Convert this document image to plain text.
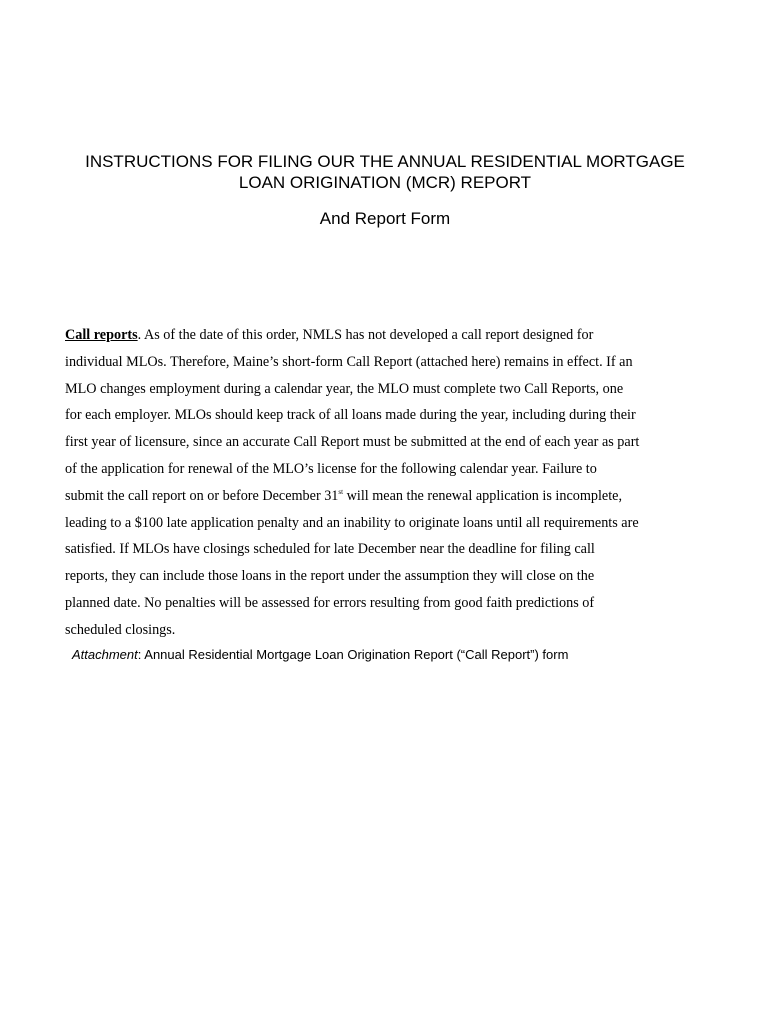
INSTRUCTIONS FOR FILING OUR THE ANNUAL RESIDENTIAL MORTGAGE
LOAN ORIGINATION (MCR) REPORT
And Report Form
Call reports. As of the date of this order, NMLS has not developed a call report designed for
individual MLOs. Therefore, Maine’s short-form Call Report (attached here) remains in effect. If an
MLO changes employment during a calendar year, the MLO must complete two Call Reports, one
for each employer. MLOs should keep track of all loans made during the year, including during their
first year of licensure, since an accurate Call Report must be submitted at the end of each year as part
of the application for renewal of the MLO’s license for the following calendar year. Failure to
submit the call report on or before December 31st will mean the renewal application is incomplete,
leading to a $100 late application penalty and an inability to originate loans until all requirements are
satisfied. If MLOs have closings scheduled for late December near the deadline for filing call
reports, they can include those loans in the report under the assumption they will close on the
planned date. No penalties will be assessed for errors resulting from good faith predictions of
scheduled closings.
Attachment: Annual Residential Mortgage Loan Origination Report (“Call Report”) form
